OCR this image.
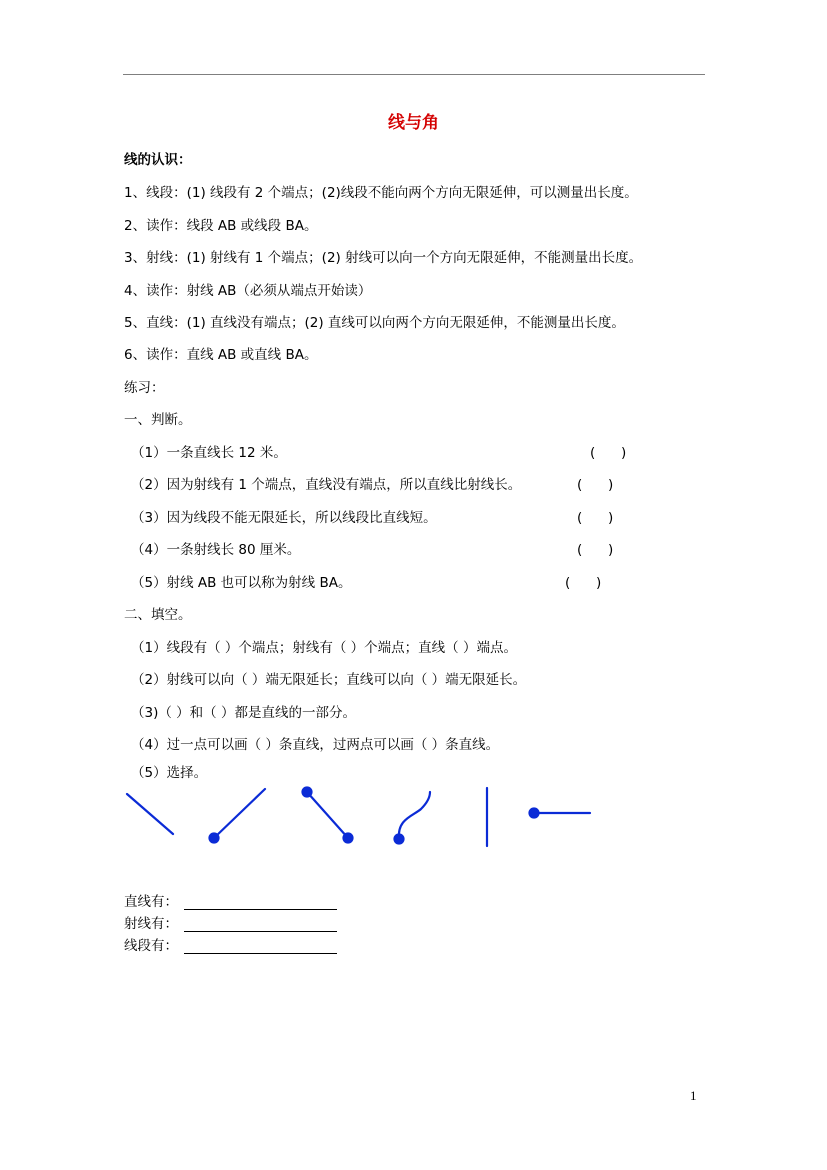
线与角
线的认识：
1、线段：(1) 线段有 2 个端点；(2)线段不能向两个方向无限延伸，可以测量出长度。
2、读作：线段 AB 或线段 BA。
3、射线：(1) 射线有 1 个端点；(2) 射线可以向一个方向无限延伸，不能测量出长度。
4、读作：射线 AB（必须从端点开始读）
5、直线：(1) 直线没有端点；(2) 直线可以向两个方向无限延伸，不能测量出长度。
6、读作：直线 AB 或直线 BA。
练习：
一、判断。
（1）一条直线长 12 米。	(      )
（2）因为射线有 1 个端点，直线没有端点，所以直线比射线长。	(      )
（3）因为线段不能无限延长，所以线段比直线短。	(      )
（4）一条射线长 80 厘米。	(      )
（5）射线 AB 也可以称为射线 BA。	(      )
二、填空。
（1）线段有（ ）个端点；射线有（ ）个端点；直线（ ）端点。
（2）射线可以向（ ）端无限延长；直线可以向（ ）端无限延长。
（3)（ ）和（ ）都是直线的一部分。
（4）过一点可以画（ ）条直线，过两点可以画（ ）条直线。
（5）选择。
直线有：
射线有：
线段有：
1
